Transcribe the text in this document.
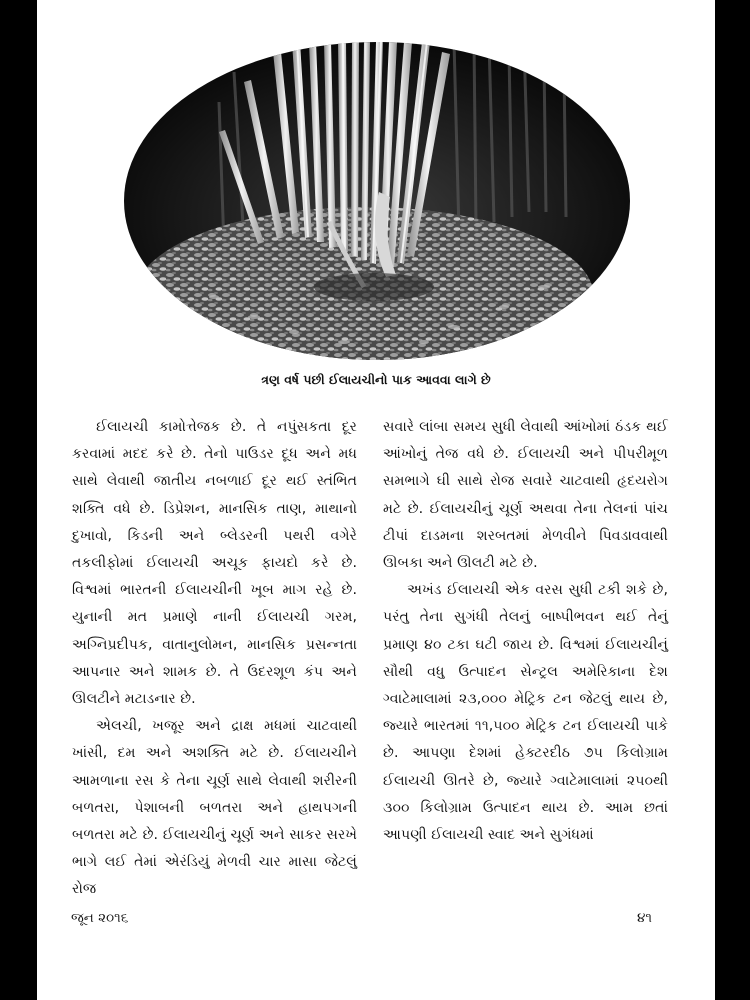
ત્રણ વર્ષ પછી ઈલાયચીનો પાક આવવા લાગે છે

ઈલાયચી કામોત્તેજક છે. તે નપુંસકતા દૂર કરવામાં મદદ કરે છે. તેનો પાઉડર દૂધ અને મધ સાથે લેવાથી જાતીય નબળાઈ દૂર થઈ સ્તંભિત શક્તિ વધે છે. ડિપ્રેશન, માનસિક તાણ, માથાનો દુખાવો, કિડની અને બ્લેડરની પથરી વગેરે તકલીફોમાં ઈલાયચી અચૂક ફાયદો કરે છે. વિશ્વમાં ભારતની ઈલાયચીની ખૂબ માગ રહે છે. યુનાની મત પ્રમાણે નાની ઈલાયચી ગરમ, અગ્નિપ્રદીપક, વાતાનુલોમન, માનસિક પ્રસન્નતા આપનાર અને શામક છે. તે ઉદરશૂળ કંપ અને ઊલટીને મટાડનાર છે.

એલચી, ખજૂર અને દ્રાક્ષ મધમાં ચાટવાથી ખાંસી, દમ અને અશક્તિ મટે છે. ઈલાયચીને આમળાના રસ કે તેના ચૂર્ણ સાથે લેવાથી શરીરની બળતરા, પેશાબની બળતરા અને હાથપગની બળતરા મટે છે. ઈલાયચીનું ચૂર્ણ અને સાકર સરખે ભાગે લઈ તેમાં એરંડિયું મેળવી ચાર માસા જેટલું રોજ

સવારે લાંબા સમય સુધી લેવાથી આંખોમાં ઠંડક થઈ આંખોનું તેજ વધે છે. ઈલાયચી અને પીપરીમૂળ સમભાગે ઘી સાથે રોજ સવારે ચાટવાથી હૃદયરોગ મટે છે. ઈલાયચીનું ચૂર્ણ અથવા તેના તેલનાં પાંચ ટીપાં દાડમના શરબતમાં મેળવીને પિવડાવવાથી ઊબકા અને ઊલટી મટે છે.

અખંડ ઈલાયચી એક વરસ સુધી ટકી શકે છે, પરંતુ તેના સુગંધી તેલનું બાષ્પીભવન થઈ તેનું પ્રમાણ ૪૦ ટકા ઘટી જાય છે. વિશ્વમાં ઈલાયચીનું સૌથી વધુ ઉત્પાદન સેન્ટ્રલ અમેરિકાના દેશ ગ્વાટેમાલામાં ૨૩,૦૦૦ મેટ્રિક ટન જેટલું થાય છે, જ્યારે ભારતમાં ૧૧,૫૦૦ મેટ્રિક ટન ઈલાયચી પાકે છે. આપણા દેશમાં હેક્ટરદીઠ ૭૫ કિલોગ્રામ ઈલાયચી ઊતરે છે, જ્યારે ગ્વાટેમાલામાં ૨૫૦થી ૩૦૦ કિલોગ્રામ ઉત્પાદન થાય છે. આમ છતાં આપણી ઈલાયચી સ્વાદ અને સુગંધમાં

જૂન ૨૦૧૬	૪૧
